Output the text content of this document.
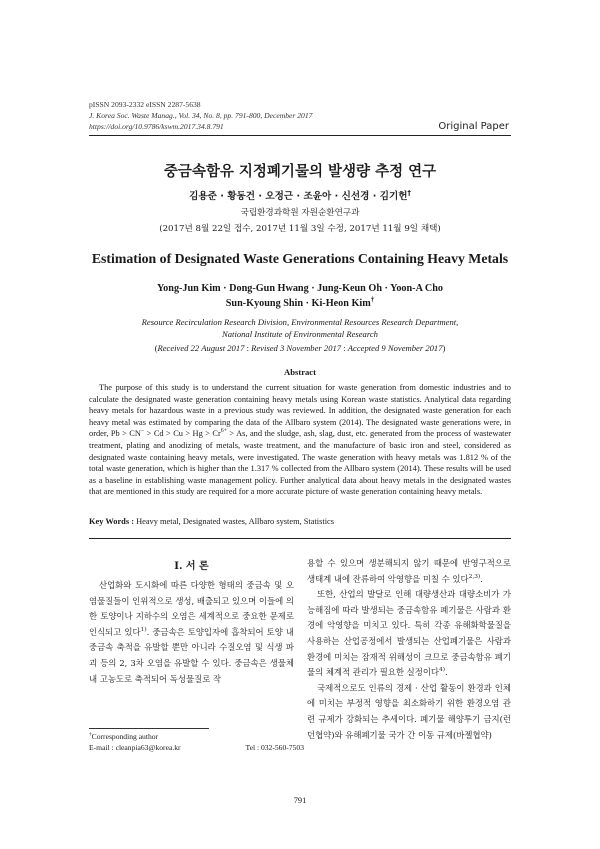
pISSN 2093-2332 eISSN 2287-5638
J. Korea Soc. Waste Manag., Vol. 34, No. 8, pp. 791-800, December 2017
https://doi.org/10.9786/kswm.2017.34.8.791	Original Paper
중금속함유 지정폐기물의 발생량 추정 연구
김용준 · 황동건 · 오정근 · 조윤아 · 신선경 · 김기헌†
국립환경과학원 자원순환연구과
(2017년 8월 22일 접수, 2017년 11월 3일 수정, 2017년 11월 9일 채택)
Estimation of Designated Waste Generations Containing Heavy Metals
Yong-Jun Kim · Dong-Gun Hwang · Jung-Keun Oh · Yoon-A Cho
Sun-Kyoung Shin · Ki-Heon Kim†
Resource Recirculation Research Division, Environmental Resources Research Department,
National Institute of Environmental Research
(Received 22 August 2017 : Revised 3 November 2017 : Accepted 9 November 2017)
Abstract

The purpose of this study is to understand the current situation for waste generation from domestic industries and to calculate the designated waste generation containing heavy metals using Korean waste statistics. Analytical data regarding heavy metals for hazardous waste in a previous study was reviewed. In addition, the designated waste generation for each heavy metal was estimated by comparing the data of the Allbaro system (2014). The designated waste generations were, in order, $Pb > CN^- > Cd > Cu > Hg > Cr^{6+} > As$, and the sludge, ash, slag, dust, etc. generated from the process of wastewater treatment, plating and anodizing of metals, waste treatment, and the manufacture of basic iron and steel, considered as designated waste containing heavy metals, were investigated. The waste generation with heavy metals was 1.812 % of the total waste generation, which is higher than the 1.317 % collected from the Allbaro system (2014). These results will be used as a baseline in establishing waste management policy. Further analytical data about heavy metals in the designated wastes that are mentioned in this study are required for a more accurate picture of waste generation containing heavy metals.

Key Words : Heavy metal, Designated wastes, Allbaro system, Statistics
I. 서 론

산업화와 도시화에 따른 다양한 형태의 중금속 및 오염물질들이 인위적으로 생성, 배출되고 있으며 이들에 의한 토양이나 지하수의 오염은 세계적으로 중요한 문제로 인식되고 있다$^{1)}$. 중금속은 토양입자에 흡착되어 토양 내 중금속 축적을 유발할 뿐만 아니라 수질오염 및 식생 파괴 등의 2, 3차 오염을 유발할 수 있다. 중금속은 생물체 내 고농도로 축적되어 독성물질로 작

용할 수 있으며 생분해되지 않기 때문에 반영구적으로 생태계 내에 잔류하여 악영향을 미칠 수 있다$^{2,3)}$.

또한, 산업의 발달로 인해 대량생산과 대량소비가 가능해짐에 따라 발생되는 중금속함유 폐기물은 사람과 환경에 악영향을 미치고 있다. 특히 각종 유해화학물질을 사용하는 산업공정에서 발생되는 산업폐기물은 사람과 환경에 미치는 잠재적 위해성이 크므로 중금속함유 폐기물의 체계적 관리가 필요한 실정이다$^{4)}$.

국제적으로도 인류의 경제 · 산업 활동이 환경과 인체에 미치는 부정적 영향을 최소화하기 위한 환경오염 관련 규제가 강화되는 추세이다. 폐기물 해양투기 금지(런던협약)와 유해폐기물 국가 간 이동 규제(바젤협약)

†Corresponding author
E-mail : cleanpia63@korea.kr	Tel : 032-560-7503
791
